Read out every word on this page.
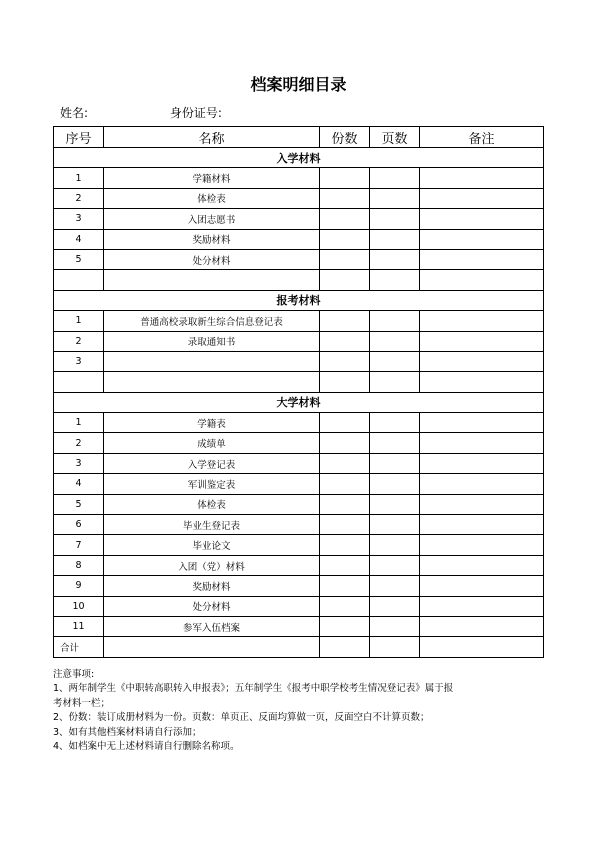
档案明细目录
姓名:	身份证号:
序号	名称	份数	页数	备注
入学材料				
1	学籍材料			
2	体检表			
3	入团志愿书			
4	奖励材料			
5	处分材料			

报考材料				
1	普通高校录取新生综合信息登记表			
2	录取通知书			
3				

大学材料				
1	学籍表			
2	成绩单			
3	入学登记表			
4	军训鉴定表			
5	体检表			
6	毕业生登记表			
7	毕业论文			
8	入团（党）材料			
9	奖励材料			
10	处分材料			
11	参军入伍档案			
合计				
注意事项:
1、两年制学生《中职转高职转入申报表》；五年制学生《报考中职学校考生情况登记表》属于报
考材料一栏；
2、份数：装订成册材料为一份。页数：单页正、反面均算做一页，反面空白不计算页数；
3、如有其他档案材料请自行添加；
4、如档案中无上述材料请自行删除名称项。
